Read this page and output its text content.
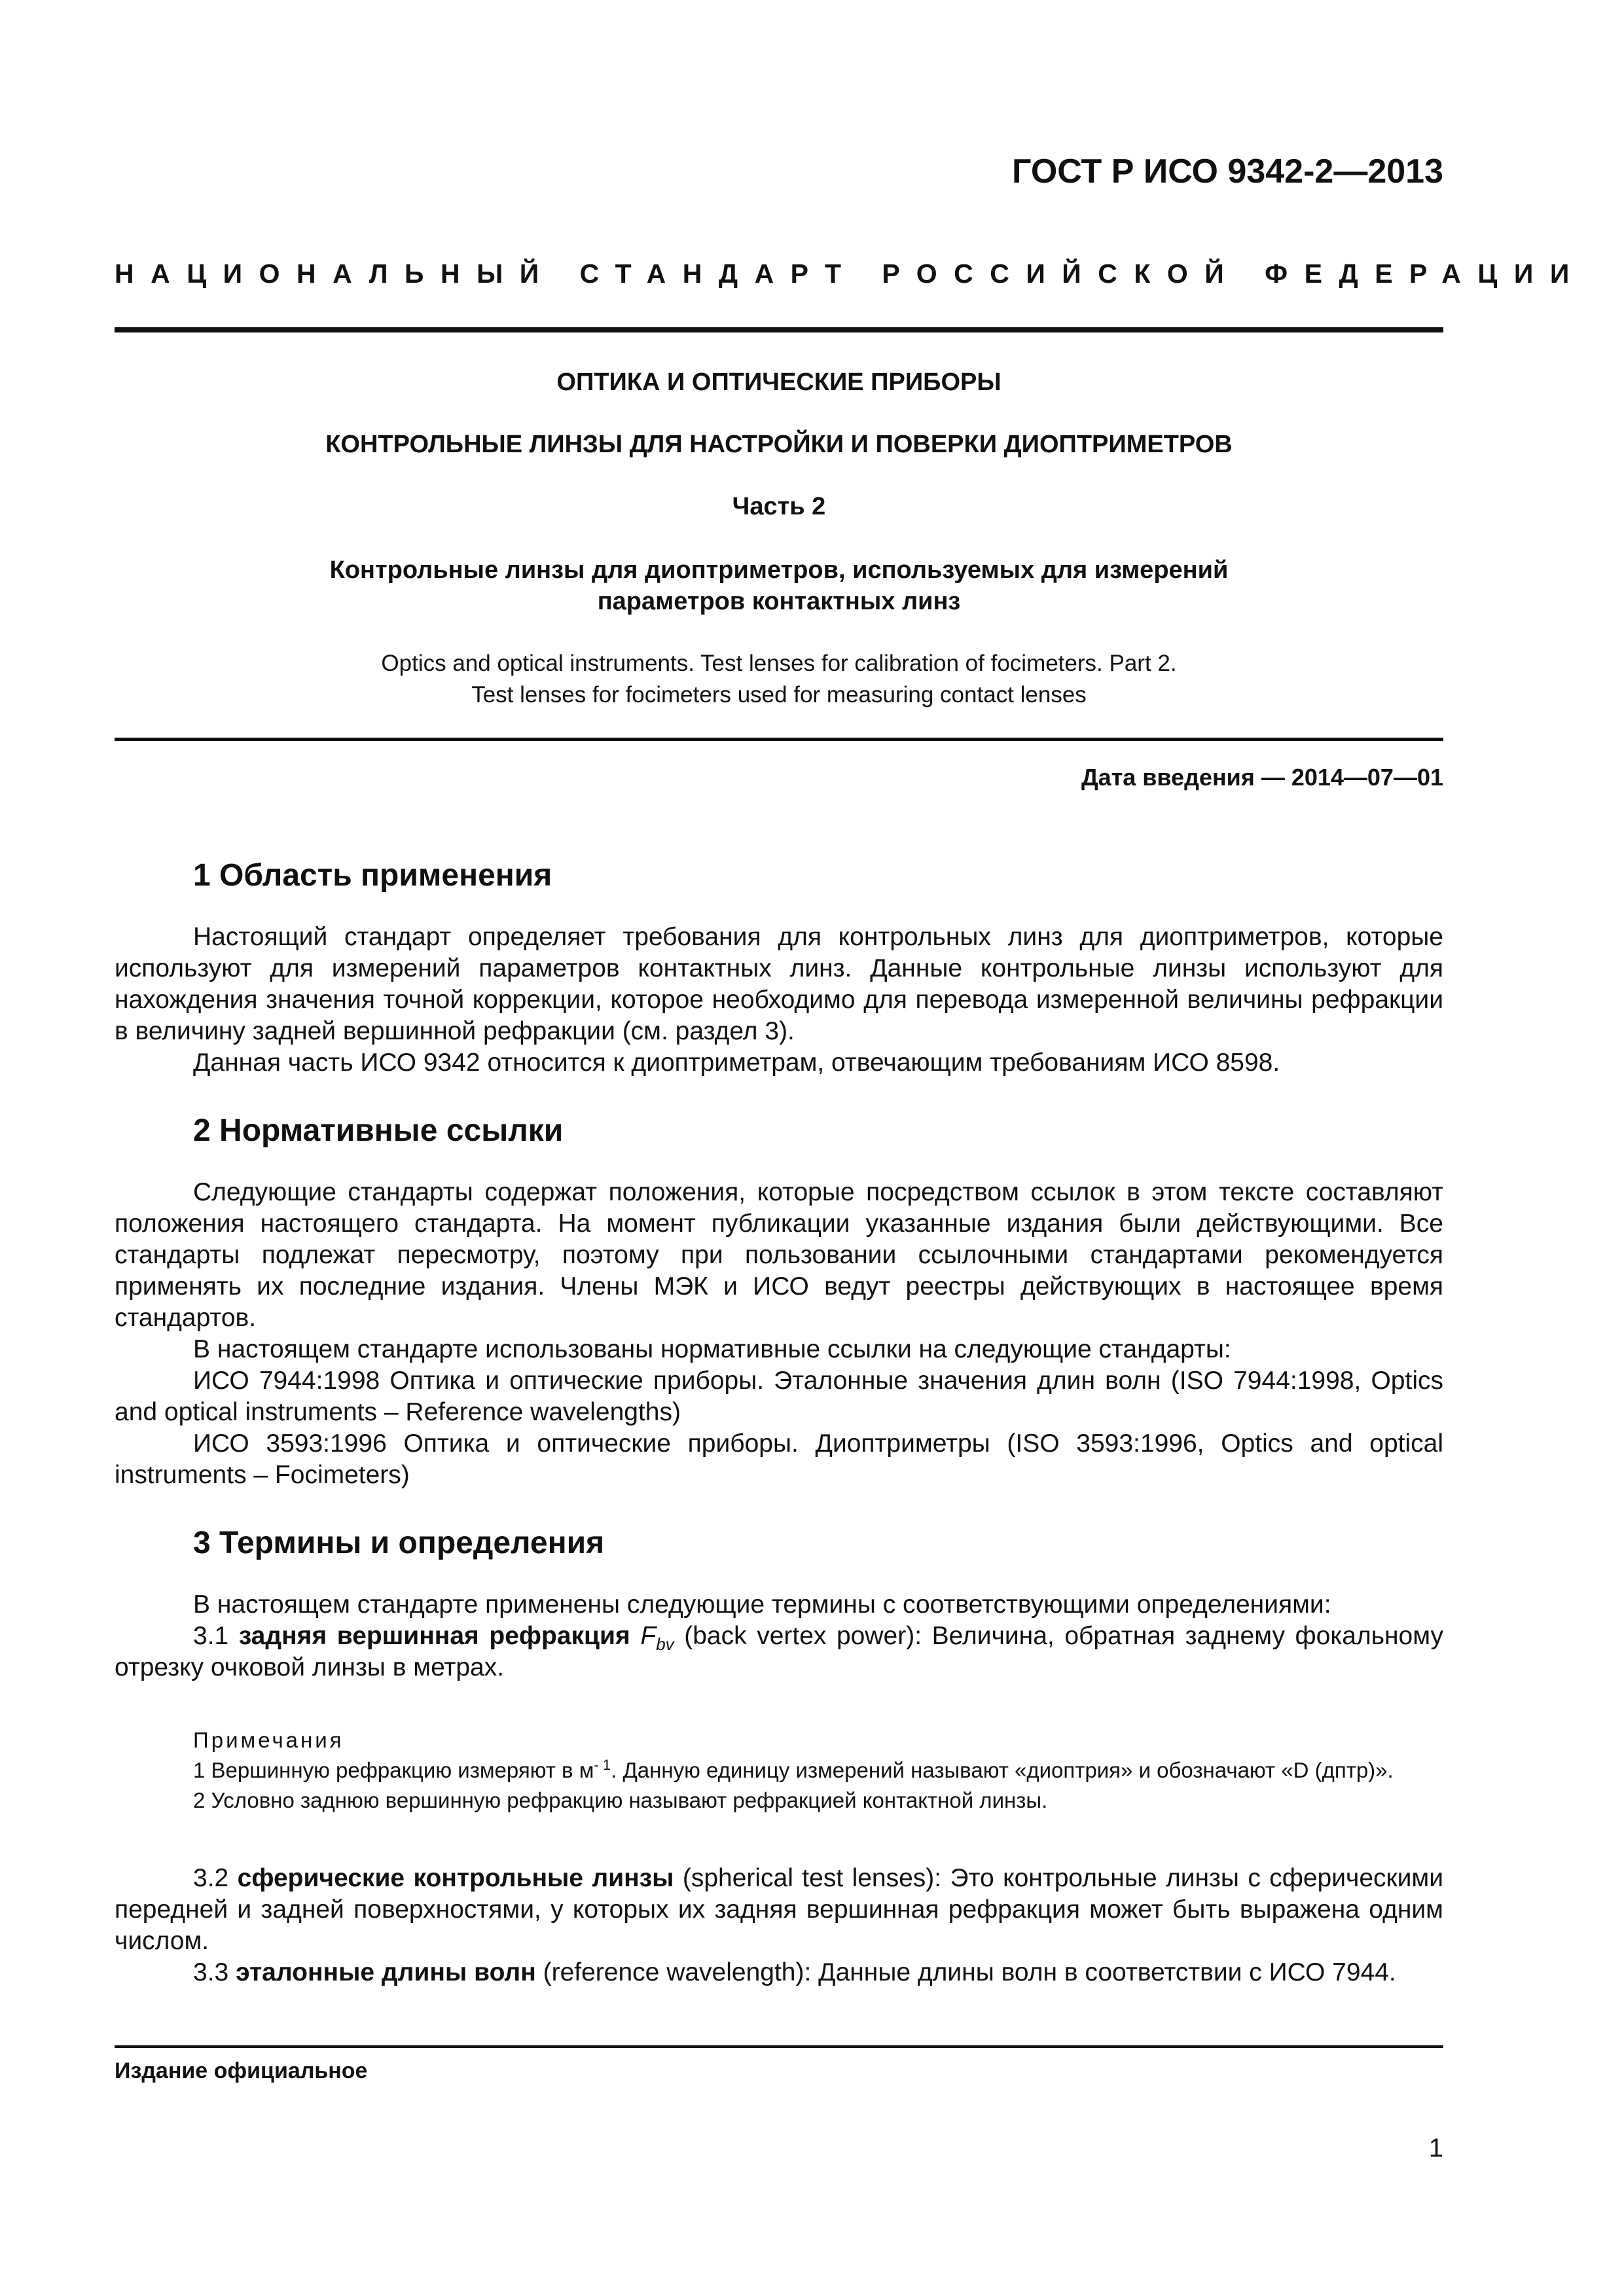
ГОСТ Р ИСО 9342-2—2013
НАЦИОНАЛЬНЫЙ СТАНДАРТ РОССИЙСКОЙ ФЕДЕРАЦИИ
ОПТИКА И ОПТИЧЕСКИЕ ПРИБОРЫ
КОНТРОЛЬНЫЕ ЛИНЗЫ ДЛЯ НАСТРОЙКИ И ПОВЕРКИ ДИОПТРИМЕТРОВ
Часть 2
Контрольные линзы для диоптриметров, используемых для измерений
параметров контактных линз
Optics and optical instruments. Test lenses for calibration of focimeters. Part 2.
Test lenses for focimeters used for measuring contact lenses
Дата введения — 2014—07—01
1 Область применения

Настоящий стандарт определяет требования для контрольных линз для диоптриметров, которые используют для измерений параметров контактных линз. Данные контрольные линзы используют для нахождения значения точной коррекции, которое необходимо для перевода измеренной величины рефракции в величину задней вершинной рефракции (см. раздел 3).

Данная часть ИСО 9342 относится к диоптриметрам, отвечающим требованиям ИСО 8598.

2 Нормативные ссылки

Следующие стандарты содержат положения, которые посредством ссылок в этом тексте составляют положения настоящего стандарта. На момент публикации указанные издания были действующими. Все стандарты подлежат пересмотру, поэтому при пользовании ссылочными стандартами рекомендуется применять их последние издания. Члены МЭК и ИСО ведут реестры действующих в настоящее время стандартов.

В настоящем стандарте использованы нормативные ссылки на следующие стандарты:

ИСО 7944:1998 Оптика и оптические приборы. Эталонные значения длин волн (ISO 7944:1998, Optics and optical instruments – Reference wavelengths)

ИСО 3593:1996 Оптика и оптические приборы. Диоптриметры (ISO 3593:1996, Optics and optical instruments – Focimeters)

3 Термины и определения

В настоящем стандарте применены следующие термины с соответствующими определениями:

3.1 задняя вершинная рефракция $F_{bv}$ (back vertex power): Величина, обратная заднему фокальному отрезку очковой линзы в метрах.

Примечания

1 Вершинную рефракцию измеряют в $м^{- 1}$. Данную единицу измерений называют «диоптрия» и обозначают «D (дптр)».

2 Условно заднюю вершинную рефракцию называют рефракцией контактной линзы.

3.2 сферические контрольные линзы (spherical test lenses): Это контрольные линзы с сферическими передней и задней поверхностями, у которых их задняя вершинная рефракция может быть выражена одним числом.

3.3 эталонные длины волн (reference wavelength): Данные длины волн в соответствии с ИСО 7944.

Издание официальное
1
